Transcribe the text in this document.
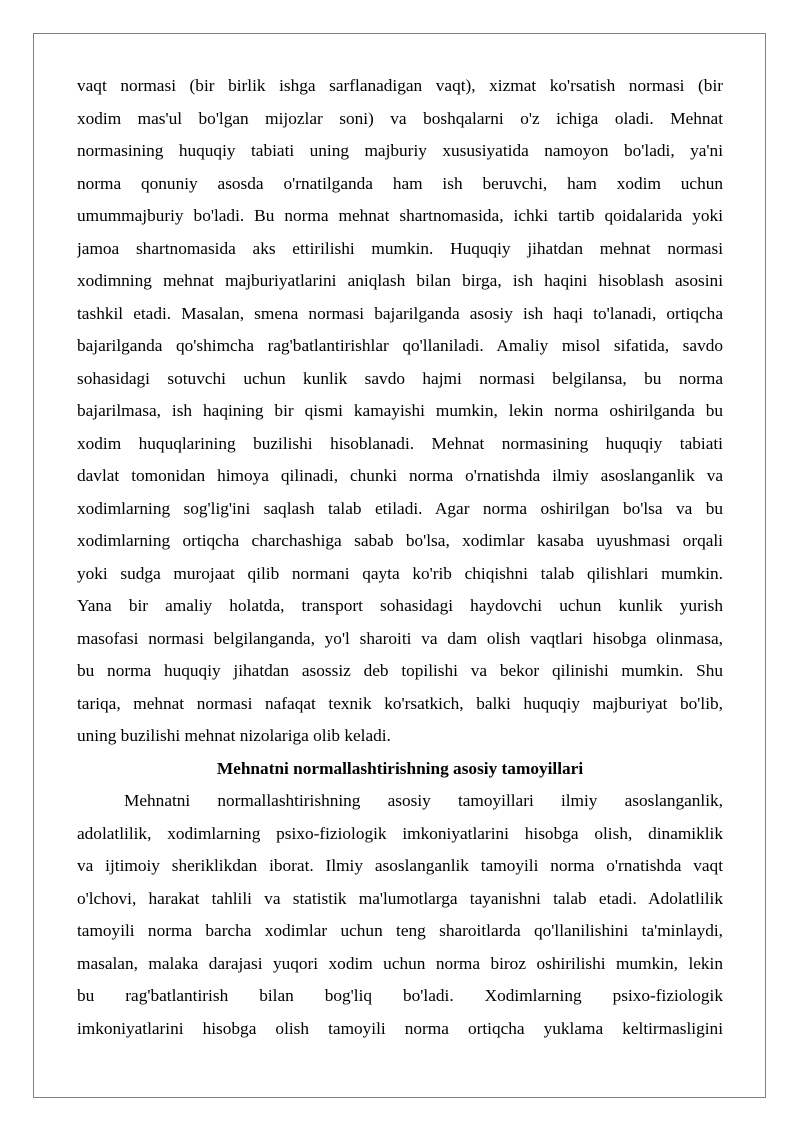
vaqt normasi (bir birlik ishga sarflanadigan vaqt), xizmat ko'rsatish normasi (bir
xodim mas'ul bo'lgan mijozlar soni) va boshqalarni o'z ichiga oladi. Mehnat
normasining huquqiy tabiati uning majburiy xususiyatida namoyon bo'ladi, ya'ni
norma qonuniy asosda o'rnatilganda ham ish beruvchi, ham xodim uchun
umummajburiy bo'ladi. Bu norma mehnat shartnomasida, ichki tartib qoidalarida yoki
jamoa shartnomasida aks ettirilishi mumkin. Huquqiy jihatdan mehnat normasi
xodimning mehnat majburiyatlarini aniqlash bilan birga, ish haqini hisoblash asosini
tashkil etadi. Masalan, smena normasi bajarilganda asosiy ish haqi to'lanadi, ortiqcha
bajarilganda qo'shimcha rag'batlantirishlar qo'llaniladi. Amaliy misol sifatida, savdo
sohasidagi sotuvchi uchun kunlik savdo hajmi normasi belgilansa, bu norma
bajarilmasa, ish haqining bir qismi kamayishi mumkin, lekin norma oshirilganda bu
xodim huquqlarining buzilishi hisoblanadi. Mehnat normasining huquqiy tabiati
davlat tomonidan himoya qilinadi, chunki norma o'rnatishda ilmiy asoslanganlik va
xodimlarning sog'lig'ini saqlash talab etiladi. Agar norma oshirilgan bo'lsa va bu
xodimlarning ortiqcha charchashiga sabab bo'lsa, xodimlar kasaba uyushmasi orqali
yoki sudga murojaat qilib normani qayta ko'rib chiqishni talab qilishlari mumkin.
Yana bir amaliy holatda, transport sohasidagi haydovchi uchun kunlik yurish
masofasi normasi belgilanganda, yo'l sharoiti va dam olish vaqtlari hisobga olinmasa,
bu norma huquqiy jihatdan asossiz deb topilishi va bekor qilinishi mumkin. Shu
tariqa, mehnat normasi nafaqat texnik ko'rsatkich, balki huquqiy majburiyat bo'lib,
uning buzilishi mehnat nizolariga olib keladi.

Mehnatni normallashtirishning asosiy tamoyillari

Mehnatni normallashtirishning asosiy tamoyillari ilmiy asoslanganlik,
adolatlilik, xodimlarning psixo-fiziologik imkoniyatlarini hisobga olish, dinamiklik
va ijtimoiy sheriklikdan iborat. Ilmiy asoslanganlik tamoyili norma o'rnatishda vaqt
o'lchovi, harakat tahlili va statistik ma'lumotlarga tayanishni talab etadi. Adolatlilik
tamoyili norma barcha xodimlar uchun teng sharoitlarda qo'llanilishini ta'minlaydi,
masalan, malaka darajasi yuqori xodim uchun norma biroz oshirilishi mumkin, lekin
bu rag'batlantirish bilan bog'liq bo'ladi. Xodimlarning psixo-fiziologik
imkoniyatlarini hisobga olish tamoyili norma ortiqcha yuklama keltirmasligini
